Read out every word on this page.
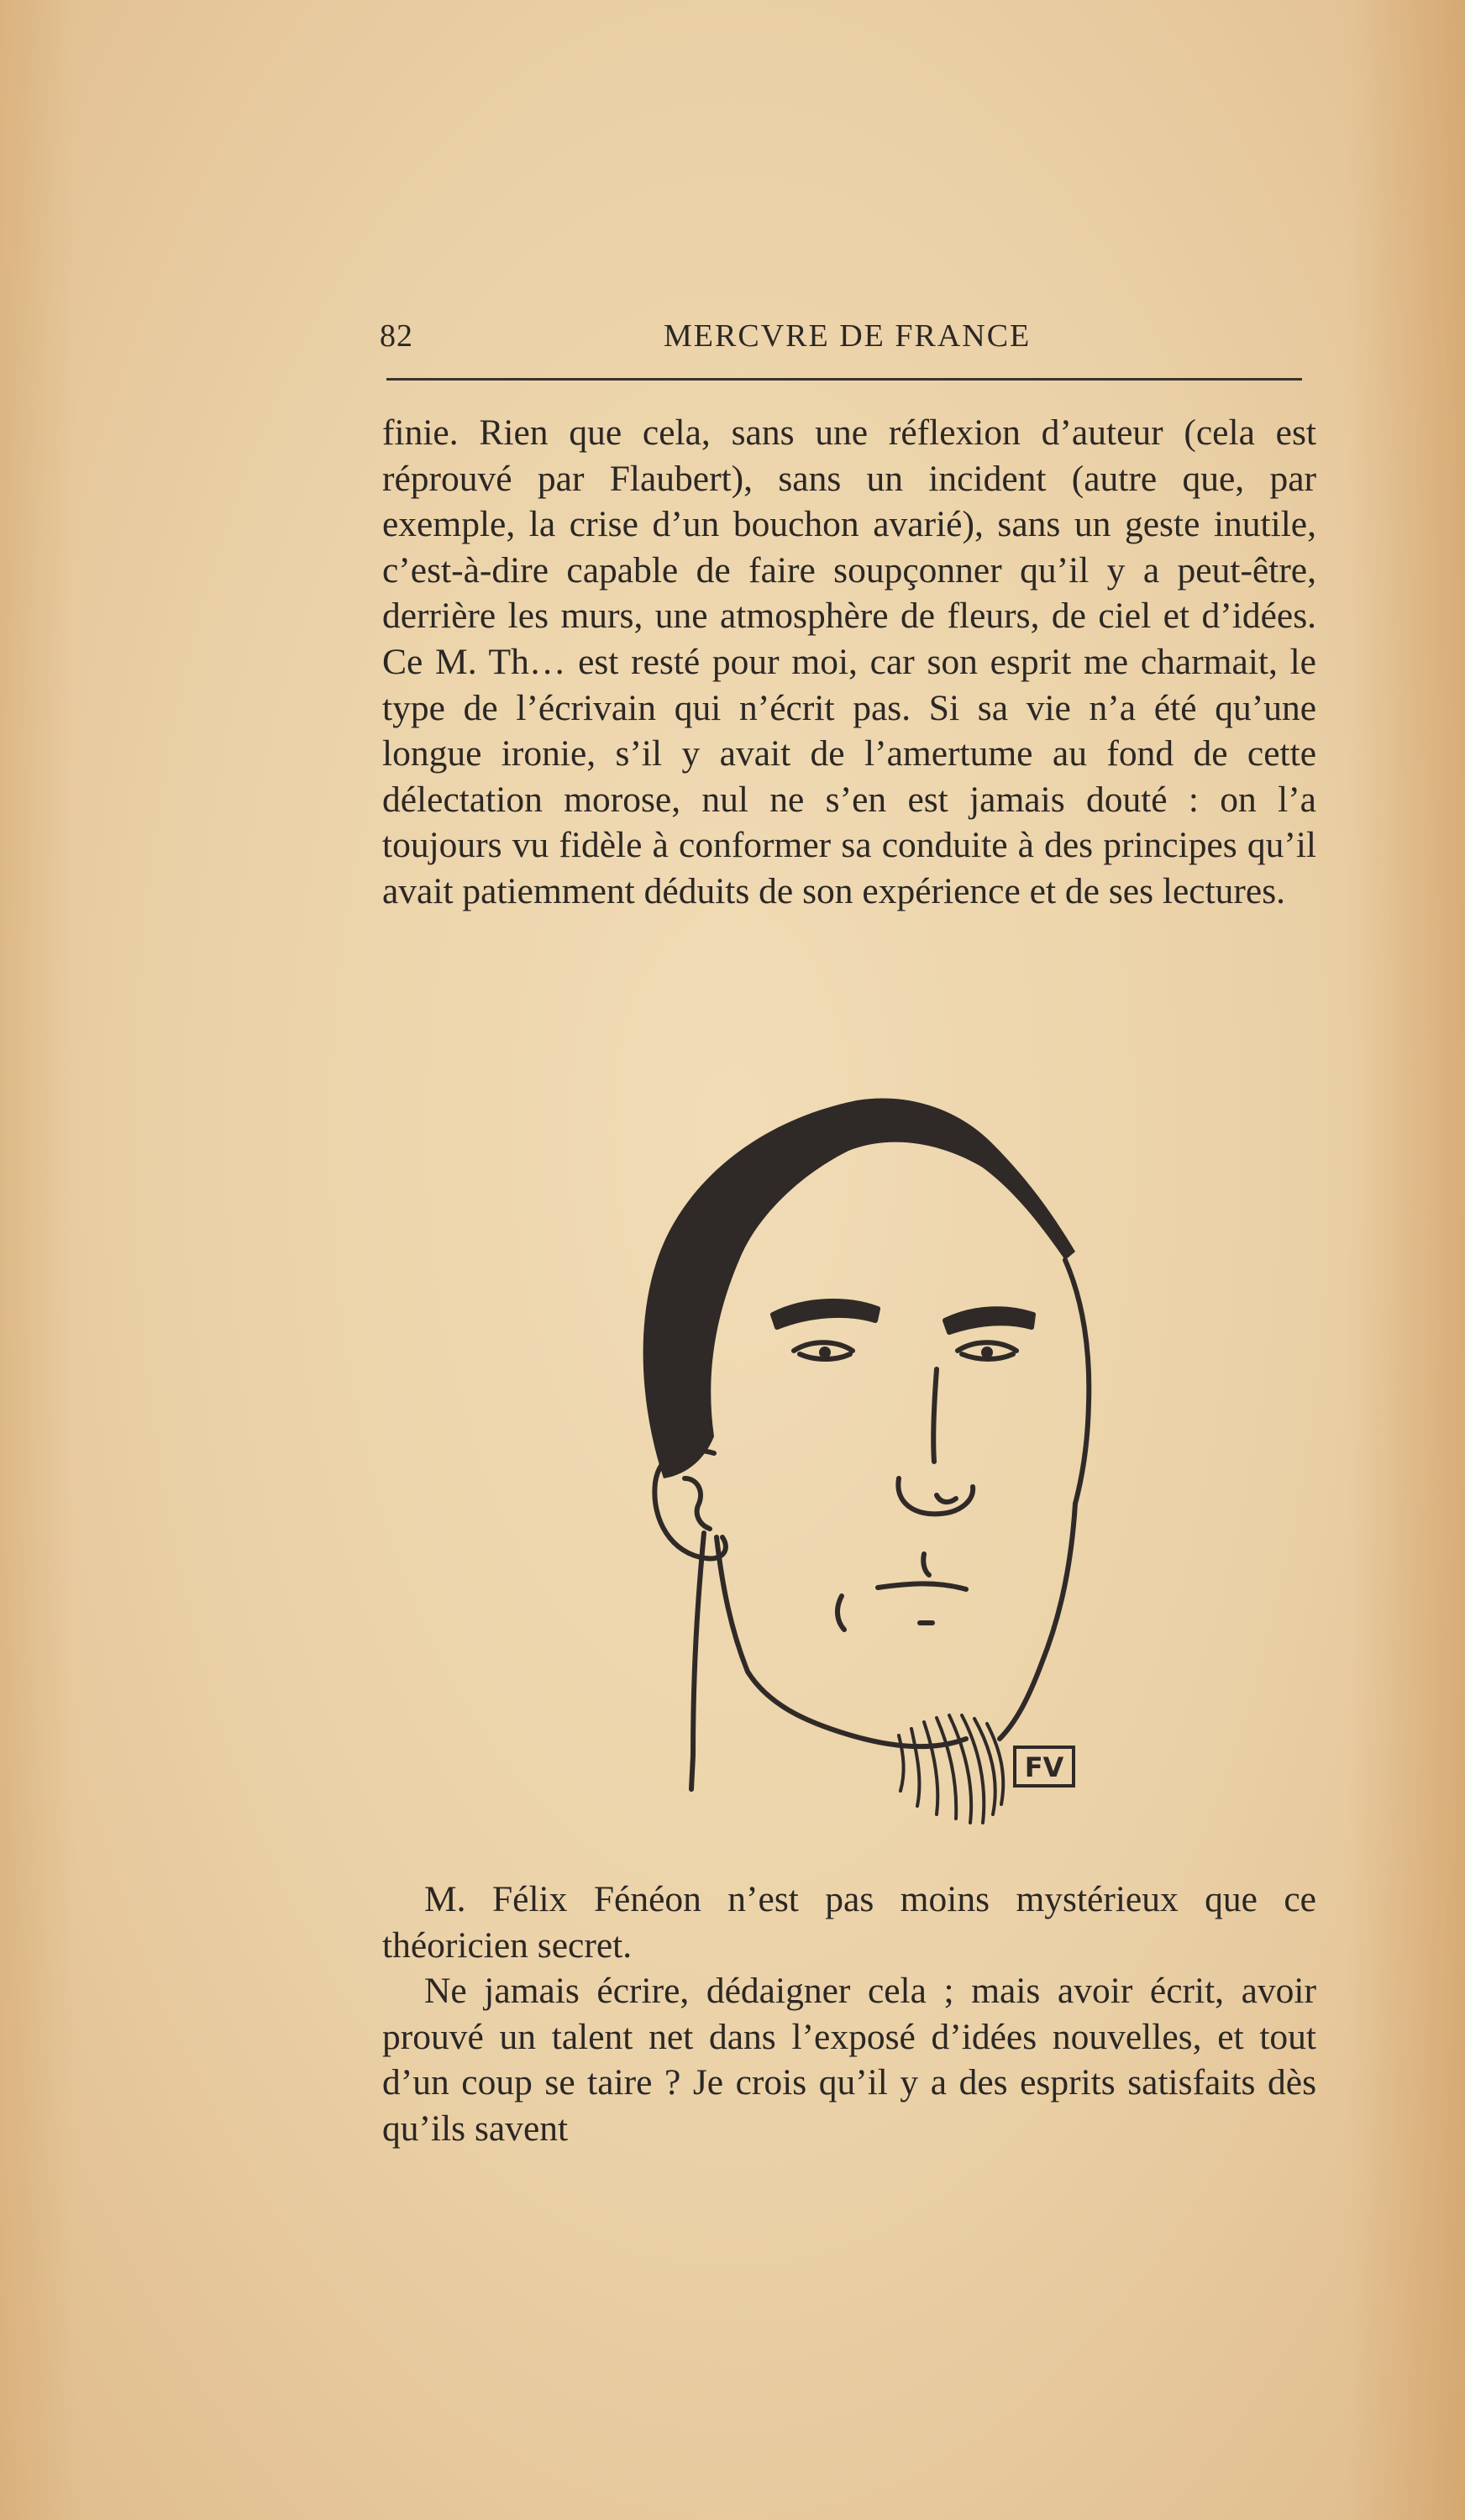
82	MERCVRE DE FRANCE

finie. Rien que cela, sans une réflexion d’auteur (cela est réprouvé par Flaubert), sans un incident (autre que, par exemple, la crise d’un bouchon avarié), sans un geste inutile, c’est-à-dire capable de faire soupçonner qu’il y a peut-être, derrière les murs, une atmosphère de fleurs, de ciel et d’idées. Ce M. Th… est resté pour moi, car son esprit me charmait, le type de l’écrivain qui n’écrit pas. Si sa vie n’a été qu’une longue ironie, s’il y avait de l’amertume au fond de cette délectation morose, nul ne s’en est jamais douté : on l’a toujours vu fidèle à conformer sa conduite à des principes qu’il avait patiemment déduits de son expérience et de ses lectures.

FV

M. Félix Fénéon n’est pas moins mystérieux que ce théoricien secret.

Ne jamais écrire, dédaigner cela ; mais avoir écrit, avoir prouvé un talent net dans l’exposé d’idées nouvelles, et tout d’un coup se taire ? Je crois qu’il y a des esprits satisfaits dès qu’ils savent
